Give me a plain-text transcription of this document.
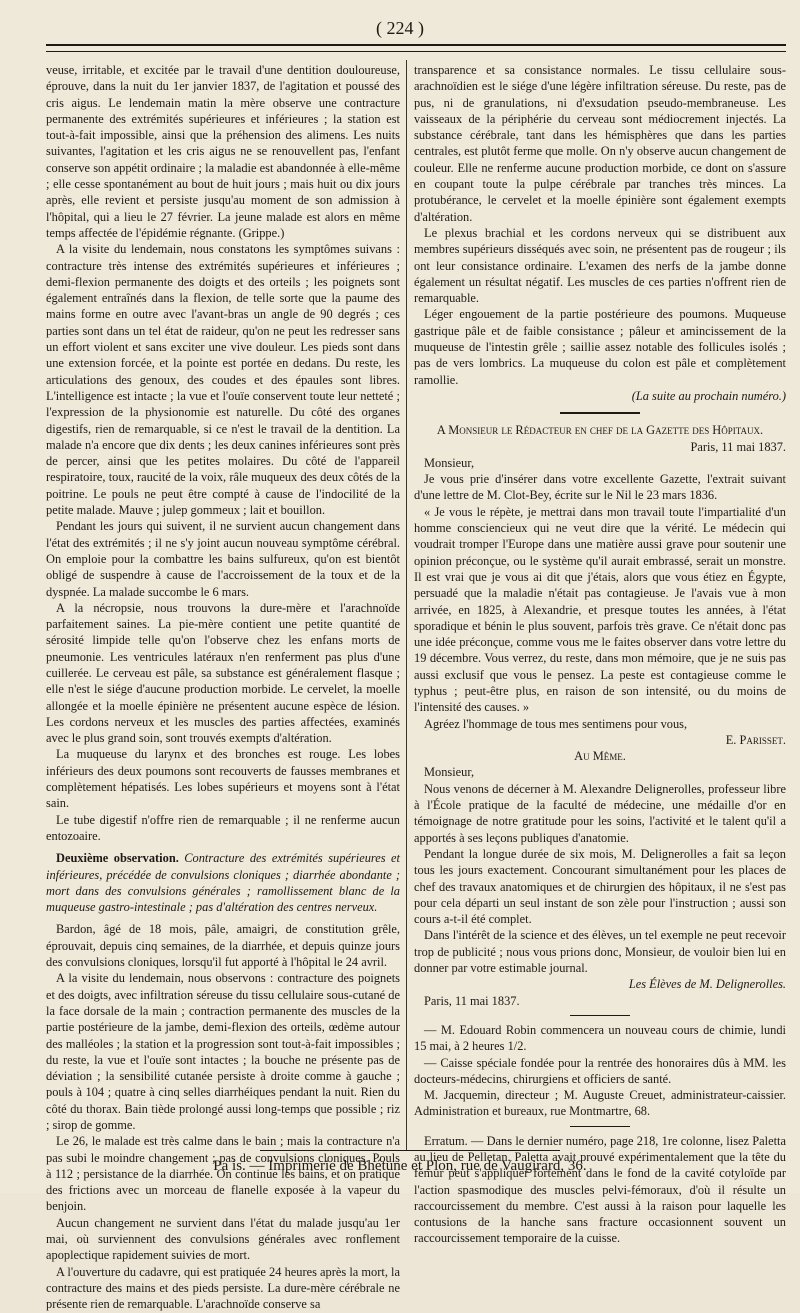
( 224 )

veuse, irritable, et excitée par le travail d'une dentition douloureuse, éprouve, dans la nuit du 1er janvier 1837, de l'agitation et poussé des cris aigus. Le lendemain matin la mère observe une contracture permanente des extrémités supérieures et inférieures ; la station est tout-à-fait impossible, ainsi que la préhension des alimens. Les nuits suivantes, l'agitation et les cris aigus ne se renouvellent pas, l'enfant conserve son appétit ordinaire ; la maladie est abandonnée à elle-même ; elle cesse spontanément au bout de huit jours ; mais huit ou dix jours après, elle revient et persiste jusqu'au moment de son admission à l'hôpital, qui a lieu le 27 février. La jeune malade est alors en même temps affectée de l'épidémie régnante. (Grippe.)

A la visite du lendemain, nous constatons les symptômes suivans : contracture très intense des extrémités supérieures et inférieures ; demi-flexion permanente des doigts et des orteils ; les poignets sont également entraînés dans la flexion, de telle sorte que la paume des mains forme en outre avec l'avant-bras un angle de 90 degrés ; ces parties sont dans un tel état de raideur, qu'on ne peut les redresser sans un effort violent et sans exciter une vive douleur. Les pieds sont dans une extension forcée, et la pointe est portée en dedans. Du reste, les articulations des genoux, des coudes et des épaules sont libres. L'intelligence est intacte ; la vue et l'ouïe conservent toute leur netteté ; l'expression de la physionomie est naturelle. Du côté des organes digestifs, rien de remarquable, si ce n'est le travail de la dentition. La malade n'a encore que dix dents ; les deux canines inférieures sont près de percer, ainsi que les petites molaires. Du côté de l'appareil respiratoire, toux, raucité de la voix, râle muqueux des deux côtés de la poitrine. Le pouls ne peut être compté à cause de l'indocilité de la petite malade. Mauve ; julep gommeux ; lait et bouillon.

Pendant les jours qui suivent, il ne survient aucun changement dans l'état des extrémités ; il ne s'y joint aucun nouveau symptôme cérébral. On emploie pour la combattre les bains sulfureux, qu'on est bientôt obligé de suspendre à cause de l'accroissement de la toux et de la dyspnée. La malade succombe le 6 mars.

A la nécropsie, nous trouvons la dure-mère et l'arachnoïde parfaitement saines. La pie-mère contient une petite quantité de sérosité limpide telle qu'on l'observe chez les enfans morts de pneumonie. Les ventricules latéraux n'en renferment pas plus d'une cuillerée. Le cerveau est pâle, sa substance est généralement flasque ; elle n'est le siége d'aucune production morbide. Le cervelet, la moelle allongée et la moelle épinière ne présentent aucune espèce de lésion. Les cordons nerveux et les muscles des parties affectées, examinés avec le plus grand soin, sont trouvés exempts d'altération.

La muqueuse du larynx et des bronches est rouge. Les lobes inférieurs des deux poumons sont recouverts de fausses membranes et complètement hépatisés. Les lobes supérieurs et moyens sont à l'état sain.

Le tube digestif n'offre rien de remarquable ; il ne renferme aucun entozoaire.

Deuxième observation. Contracture des extrémités supérieures et inférieures, précédée de convulsions cloniques ; diarrhée abondante ; mort dans des convulsions générales ; ramollissement blanc de la muqueuse gastro-intestinale ; pas d'altération des centres nerveux.

Bardon, âgé de 18 mois, pâle, amaigri, de constitution grêle, éprouvait, depuis cinq semaines, de la diarrhée, et depuis quinze jours des convulsions cloniques, lorsqu'il fut apporté à l'hôpital le 24 avril.

A la visite du lendemain, nous observons : contracture des poignets et des doigts, avec infiltration séreuse du tissu cellulaire sous-cutané de la face dorsale de la main ; contraction permanente des muscles de la partie postérieure de la jambe, demi-flexion des orteils, œdème autour des malléoles ; la station et la progression sont tout-à-fait impossibles ; du reste, la vue et l'ouïe sont intactes ; la bouche ne présente pas de déviation ; la sensibilité cutanée persiste à droite comme à gauche ; pouls à 104 ; quatre à cinq selles diarrhéiques pendant la nuit. Rien du côté du thorax. Bain tiède prolongé aussi long-temps que possible ; riz ; sirop de gomme.

Le 26, le malade est très calme dans le bain ; mais la contracture n'a pas subi le moindre changement ; pas de convulsions cloniques. Pouls à 112 ; persistance de la diarrhée. On continue les bains, et on pratique des frictions avec un morceau de flanelle exposée à la vapeur du benjoin.

Aucun changement ne survient dans l'état du malade jusqu'au 1er mai, où surviennent des convulsions générales avec ronflement apoplectique rapidement suivies de mort.

A l'ouverture du cadavre, qui est pratiquée 24 heures après la mort, la contracture des mains et des pieds persiste. La dure-mère cérébrale ne présente rien de remarquable. L'arachnoïde conserve sa

transparence et sa consistance normales. Le tissu cellulaire sous-arachnoïdien est le siége d'une légère infiltration séreuse. Du reste, pas de pus, ni de granulations, ni d'exsudation pseudo-membraneuse. Les vaisseaux de la périphérie du cerveau sont médiocrement injectés. La substance cérébrale, tant dans les hémisphères que dans les parties centrales, est plutôt ferme que molle. On n'y observe aucun changement de couleur. Elle ne renferme aucune production morbide, ce dont on s'assure en coupant toute la pulpe cérébrale par tranches très minces. La protubérance, le cervelet et la moelle épinière sont également exempts d'altération.

Le plexus brachial et les cordons nerveux qui se distribuent aux membres supérieurs disséqués avec soin, ne présentent pas de rougeur ; ils ont leur consistance ordinaire. L'examen des nerfs de la jambe donne également un résultat négatif. Les muscles de ces parties n'offrent rien de remarquable.

Léger engouement de la partie postérieure des poumons. Muqueuse gastrique pâle et de faible consistance ; pâleur et amincissement de la muqueuse de l'intestin grêle ; saillie assez notable des follicules isolés ; pas de vers lombrics. La muqueuse du colon est pâle et complètement ramollie.

(La suite au prochain numéro.)

A Monsieur le Rédacteur en chef de la Gazette des Hôpitaux.

Paris, 11 mai 1837.

Monsieur,

Je vous prie d'insérer dans votre excellente Gazette, l'extrait suivant d'une lettre de M. Clot-Bey, écrite sur le Nil le 23 mars 1836.

« Je vous le répète, je mettrai dans mon travail toute l'impartialité d'un homme consciencieux qui ne veut dire que la vérité. Le médecin qui voudrait tromper l'Europe dans une matière aussi grave pour soutenir une opinion préconçue, ou le système qu'il aurait embrassé, serait un monstre. Il est vrai que je vous ai dit que j'étais, alors que vous étiez en Égypte, persuadé que la maladie n'était pas contagieuse. Je l'avais vue à mon arrivée, en 1825, à Alexandrie, et presque toutes les années, à l'état sporadique et bénin le plus souvent, parfois très grave. Ce n'était donc pas une idée préconçue, comme vous me le faites observer dans votre lettre du 19 décembre. Vous verrez, du reste, dans mon mémoire, que je ne suis pas aussi exclusif que vous le pensez. La peste est contagieuse comme le typhus ; peut-être plus, en raison de son intensité, ou du moins de l'intensité des causes. »

Agréez l'hommage de tous mes sentimens pour vous,

E. Parisset.

Au Même.

Monsieur,

Nous venons de décerner à M. Alexandre Delignerolles, professeur libre à l'École pratique de la faculté de médecine, une médaille d'or en témoignage de notre gratitude pour les soins, l'activité et le talent qu'il a apportés à ses leçons publiques d'anatomie.

Pendant la longue durée de six mois, M. Delignerolles a fait sa leçon tous les jours exactement. Concourant simultanément pour les places de chef des travaux anatomiques et de chirurgien des hôpitaux, il ne s'est pas pour cela départi un seul instant de son zèle pour l'instruction ; aussi son cours a-t-il été complet.

Dans l'intérêt de la science et des élèves, un tel exemple ne peut recevoir trop de publicité ; nous vous prions donc, Monsieur, de vouloir bien lui en donner par votre estimable journal.

Les Élèves de M. Delignerolles.

Paris, 11 mai 1837.

— M. Edouard Robin commencera un nouveau cours de chimie, lundi 15 mai, à 2 heures 1/2.

— Caisse spéciale fondée pour la rentrée des honoraires dûs à MM. les docteurs-médecins, chirurgiens et officiers de santé.

M. Jacquemin, directeur ; M. Auguste Creuet, administrateur-caissier. Administration et bureaux, rue Montmartre, 68.

Erratum. — Dans le dernier numéro, page 218, 1re colonne, lisez Paletta au lieu de Pelletan. Paletta avait prouvé expérimentalement que la tête du fémur peut s'appliquer fortement dans le fond de la cavité cotyloïde par l'action spasmodique des muscles pelvi-fémoraux, d'où il résulte un raccourcissement du membre. C'est aussi à la raison pour laquelle les contusions de la hanche sans fracture occasionnent souvent un raccourcissement temporaire de la cuisse.

Pa is. — Imprimerie de Bhétune et Plon, rue de Vaugirard, 36.
